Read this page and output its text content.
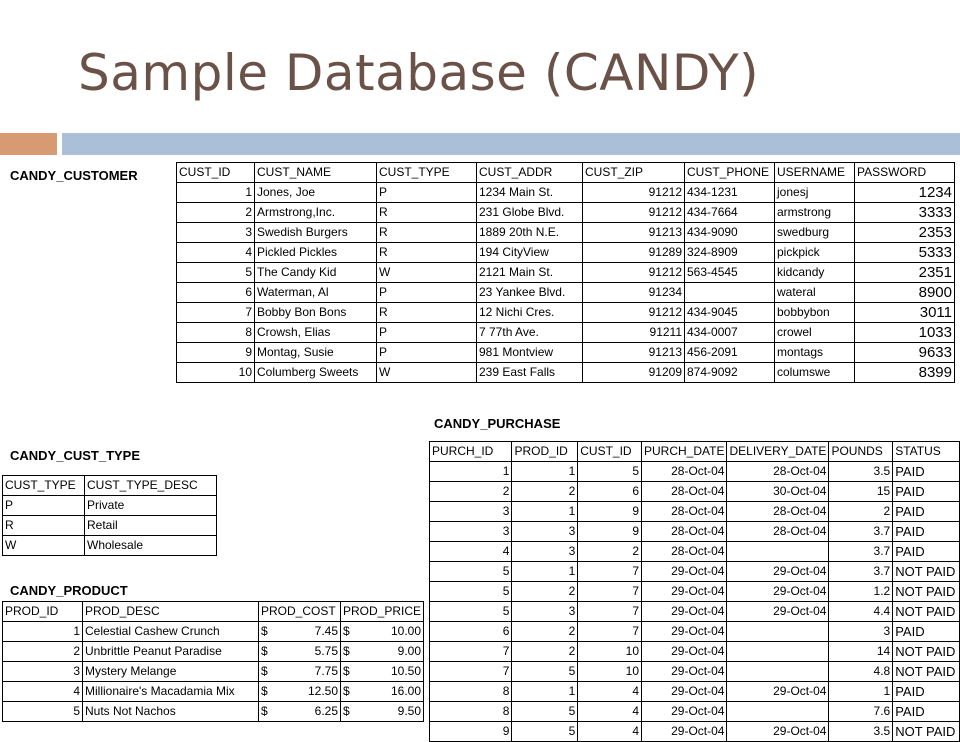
Sample Database (CANDY)
CANDY_CUSTOMER	CUST_ID	CUST_NAME	CUST_TYPE	CUST_ADDR	CUST_ZIP	CUST_PHONE	USERNAME	PASSWORD
1	Jones, Joe	P	1234 Main St.	91212	434-1231	jonesj	1234
2	Armstrong,Inc.	R	231 Globe Blvd.	91212	434-7664	armstrong	3333
3	Swedish Burgers	R	1889 20th N.E.	91213	434-9090	swedburg	2353
4	Pickled Pickles	R	194 CityView	91289	324-8909	pickpick	5333
5	The Candy Kid	W	2121 Main St.	91212	563-4545	kidcandy	2351
6	Waterman, Al	P	23 Yankee Blvd.	91234		wateral	8900
7	Bobby Bon Bons	R	12 Nichi Cres.	91212	434-9045	bobbybon	3011
8	Crowsh, Elias	P	7 77th Ave.	91211	434-0007	crowel	1033
9	Montag, Susie	P	981 Montview	91213	456-2091	montags	9633
10	Columberg Sweets	W	239 East Falls	91209	874-9092	columswe	8399
CANDY_CUST_TYPE
CUST_TYPE	CUST_TYPE_DESC
P	Private
R	Retail
W	Wholesale
CANDY_PRODUCT
PROD_ID	PROD_DESC	PROD_COST	PROD_PRICE
1	Celestial Cashew Crunch	$ 7.45	$ 10.00

2	Unbrittle Peanut Paradise	$ 5.75	$ 9.00

3	Mystery Melange	$ 7.75	$ 10.50

4	Millionaire's Macadamia Mix	$ 12.50	$ 16.00

5	Nuts Not Nachos	$ 6.25	$ 9.50
CANDY_PURCHASE
PURCH_ID	PROD_ID	CUST_ID	PURCH_DATE	DELIVERY_DATE	POUNDS	STATUS
1	1	5	28-Oct-04	28-Oct-04	3.5	PAID
2	2	6	28-Oct-04	30-Oct-04	15	PAID
3	1	9	28-Oct-04	28-Oct-04	2	PAID
3	3	9	28-Oct-04	28-Oct-04	3.7	PAID
4	3	2	28-Oct-04		3.7	PAID
5	1	7	29-Oct-04	29-Oct-04	3.7	NOT PAID
5	2	7	29-Oct-04	29-Oct-04	1.2	NOT PAID
5	3	7	29-Oct-04	29-Oct-04	4.4	NOT PAID
6	2	7	29-Oct-04		3	PAID
7	2	10	29-Oct-04		14	NOT PAID
7	5	10	29-Oct-04		4.8	NOT PAID
8	1	4	29-Oct-04	29-Oct-04	1	PAID
8	5	4	29-Oct-04		7.6	PAID
9	5	4	29-Oct-04	29-Oct-04	3.5	NOT PAID
